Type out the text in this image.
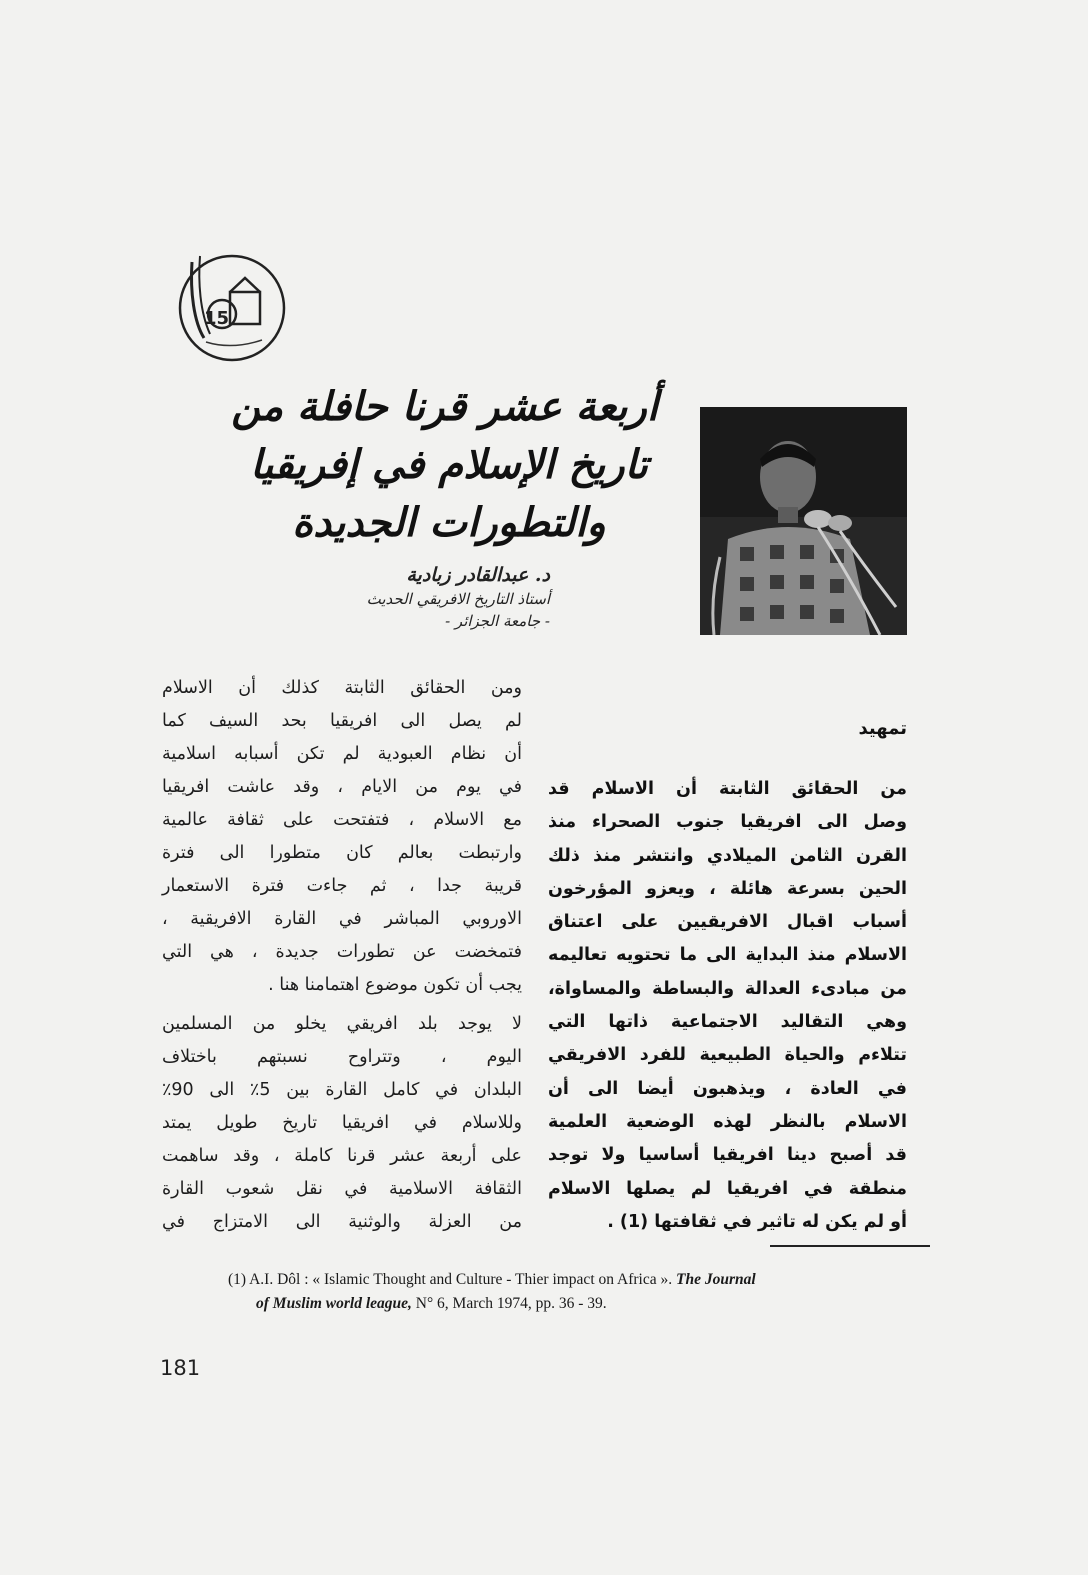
15
أربعة عشر قرنا حافلة من
تاريخ الإسلام في إفريقيا
والتطورات الجديدة
د. عبدالقادر زبادية
أستاذ التاريخ الافريقي الحديث
- جامعة الجزائر -

ومن الحقائق الثابتة كذلك أن الاسلام
لم يصل الى افريقيا بحد السيف كما
أن نظام العبودية لم تكن أسبابه اسلامية
في يوم من الايام ، وقد عاشت افريقيا
مع الاسلام ، فتفتحت على ثقافة عالمية
وارتبطت بعالم كان متطورا الى فترة
قريبة جدا ، ثم جاءت فترة الاستعمار
الاوروبي المباشر في القارة الافريقية ،
فتمخضت عن تطورات جديدة ، هي التي
يجب أن تكون موضوع اهتمامنا هنا .

لا يوجد بلد افريقي يخلو من المسلمين
اليوم ، وتتراوح نسبتهم باختلاف
البلدان في كامل القارة بين 5٪ الى 90٪
وللاسلام في افريقيا تاريخ طويل يمتد
على أربعة عشر قرنا كاملة ، وقد ساهمت
الثقافة الاسلامية في نقل شعوب القارة
من العزلة والوثنية الى الامتزاج في

تمهيد
من الحقائق الثابتة أن الاسلام قد
وصل الى افريقيا جنوب الصحراء منذ
القرن الثامن الميلادي وانتشر منذ ذلك
الحين بسرعة هائلة ، ويعزو المؤرخون
أسباب اقبال الافريقيين على اعتناق
الاسلام منذ البداية الى ما تحتويه تعاليمه
من مبادىء العدالة والبساطة والمساواة،
وهي التقاليد الاجتماعية ذاتها التي
تتلاءم والحياة الطبيعية للفرد الافريقي
في العادة ، ويذهبون أيضا الى أن
الاسلام بالنظر لهذه الوضعية العلمية
قد أصبح دينا افريقيا أساسيا ولا توجد
منطقة في افريقيا لم يصلها الاسلام
أو لم يكن له تاثير في ثقافتها (1) .
(1) A.I. Dôl : « Islamic Thought and Culture - Thier impact on Africa ». The Journal
of Muslim world league, N° 6, March 1974, pp. 36 - 39.
181
